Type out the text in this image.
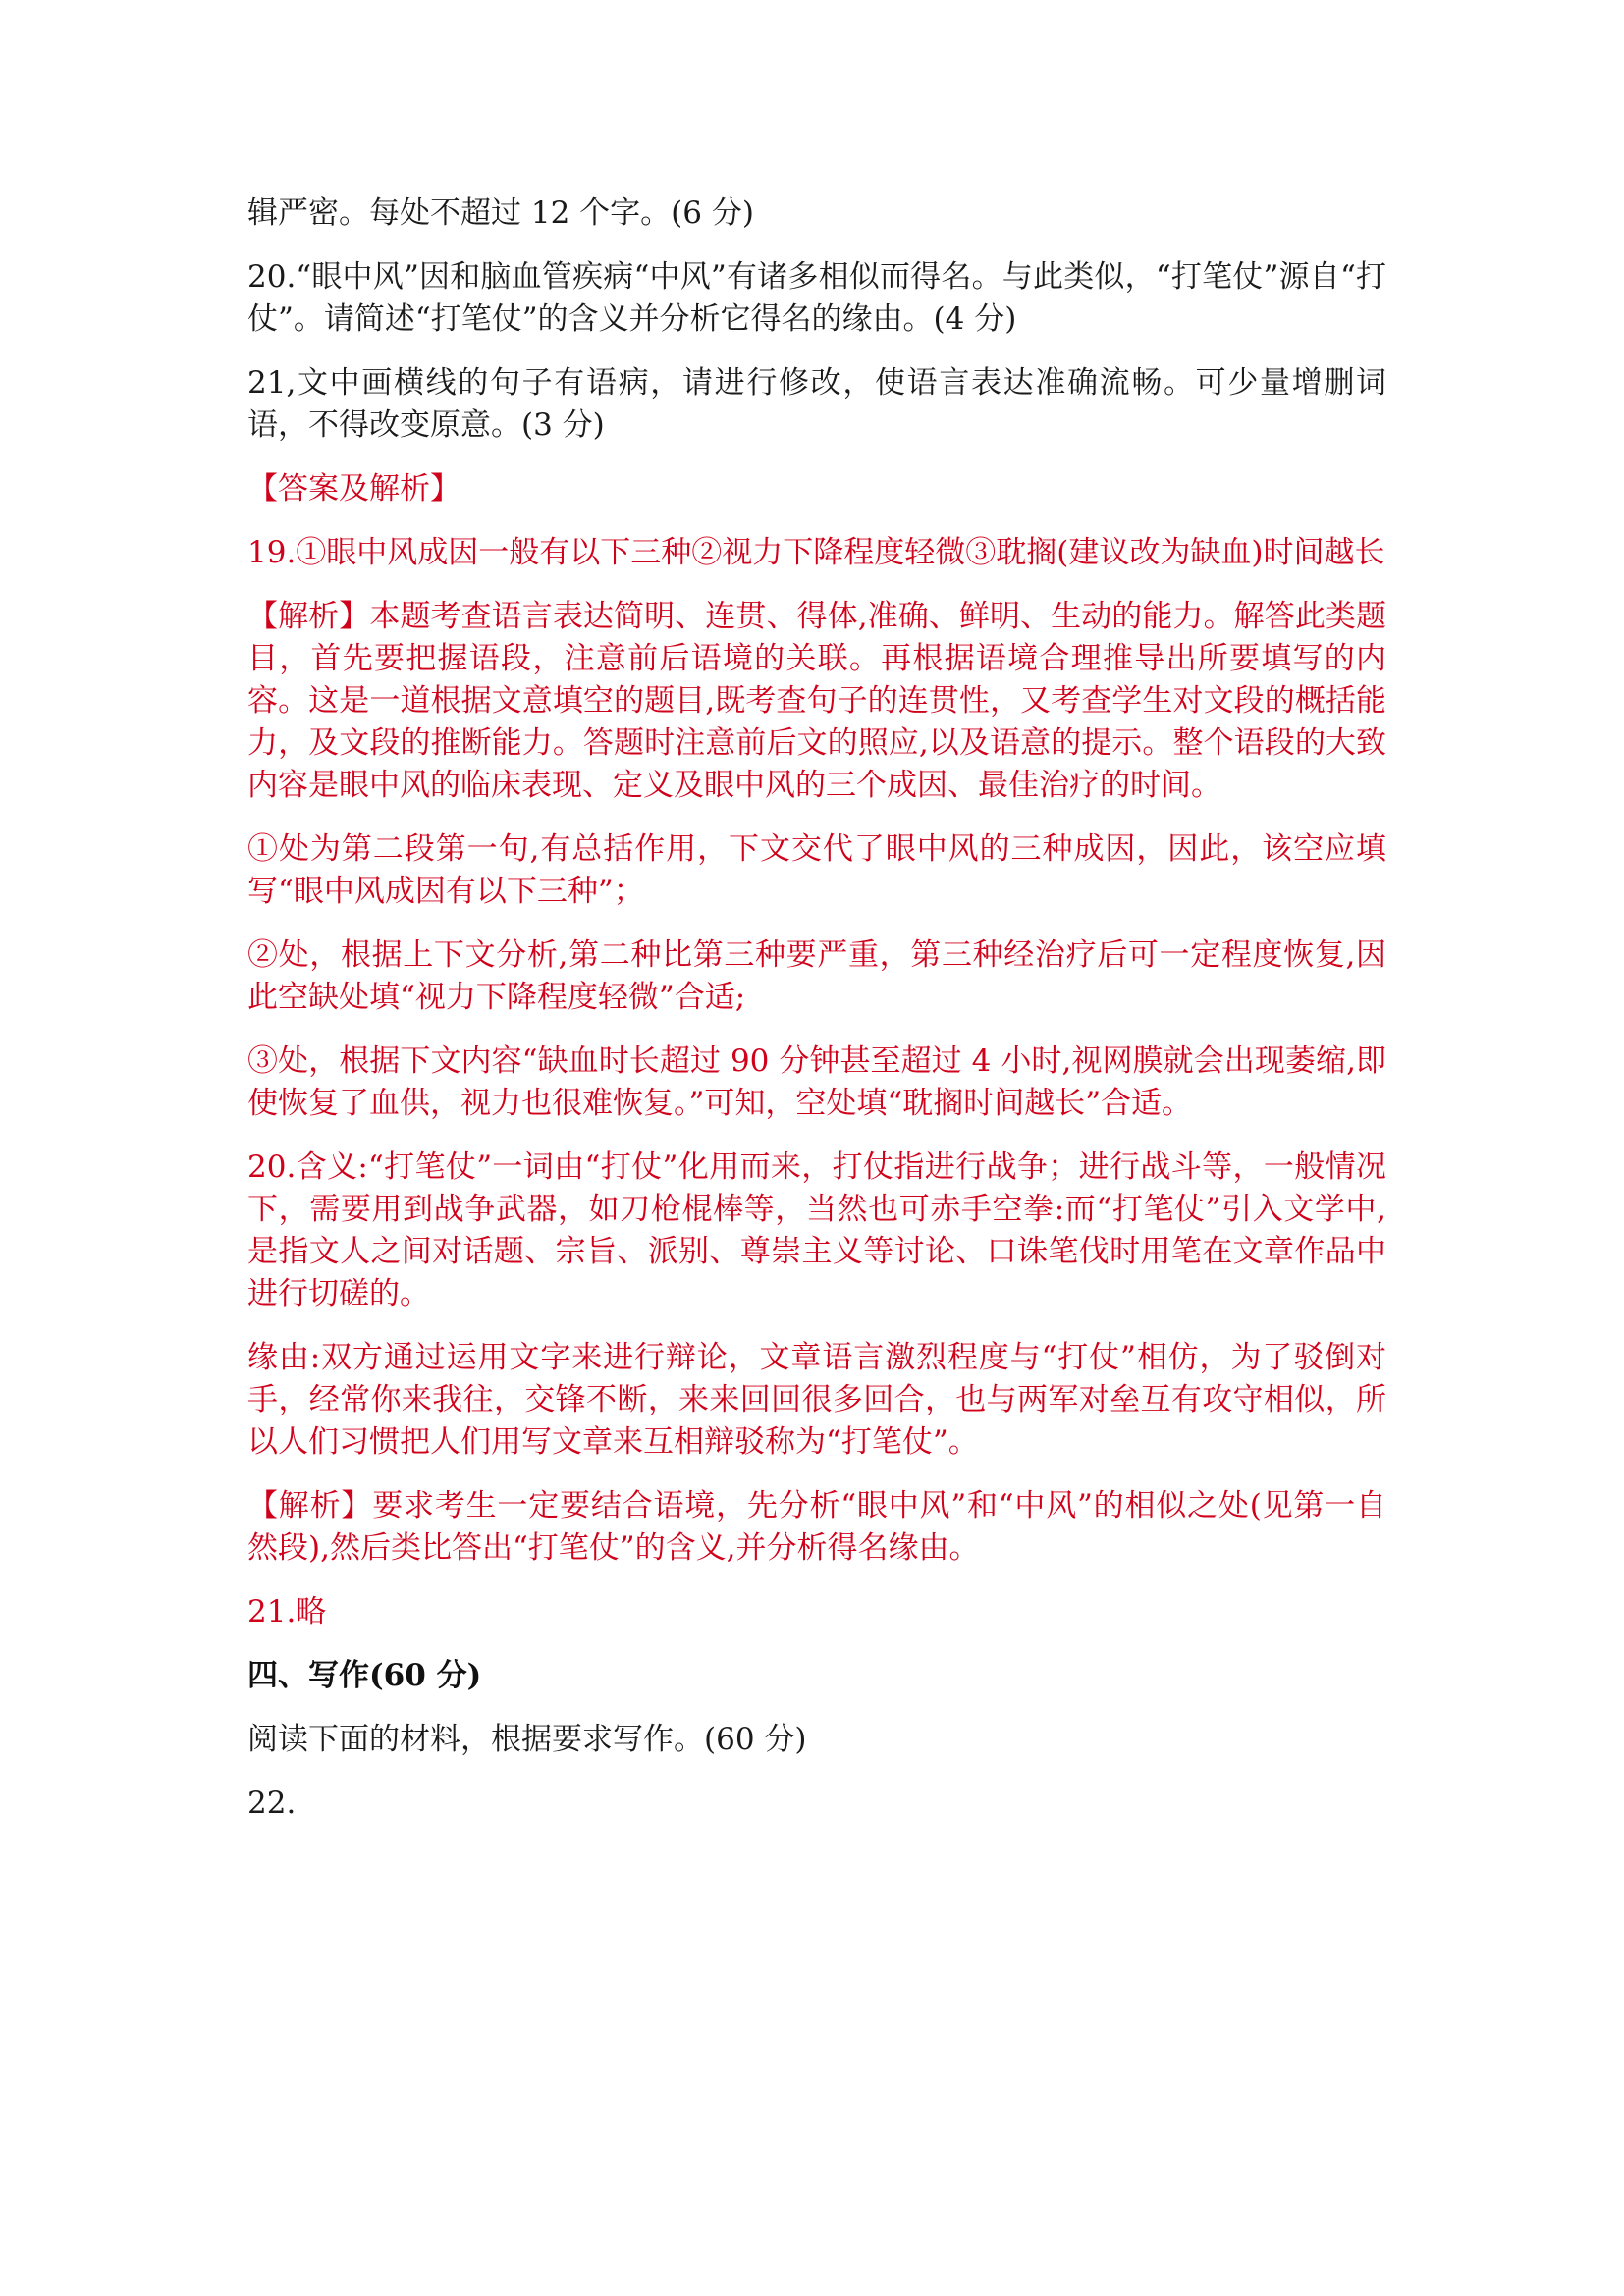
辑严密。每处不超过 12 个字。(6 分)

20.“眼中风”因和脑血管疾病“中风”有诸多相似而得名。与此类似，“打笔仗”源自“打仗”。请简述“打笔仗”的含义并分析它得名的缘由。(4 分)

21,文中画横线的句子有语病，请进行修改，使语言表达准确流畅。可少量增删词语，不得改变原意。(3 分)

【答案及解析】

19.①眼中风成因一般有以下三种②视力下降程度轻微③耽搁(建议改为缺血)时间越长

【解析】本题考查语言表达简明、连贯、得体,准确、鲜明、生动的能力。解答此类题目，首先要把握语段，注意前后语境的关联。再根据语境合理推导出所要填写的内容。这是一道根据文意填空的题目,既考查句子的连贯性，又考查学生对文段的概括能力，及文段的推断能力。答题时注意前后文的照应,以及语意的提示。整个语段的大致内容是眼中风的临床表现、定义及眼中风的三个成因、最佳治疗的时间。

①处为第二段第一句,有总括作用，下文交代了眼中风的三种成因，因此，该空应填写“眼中风成因有以下三种”；

②处，根据上下文分析,第二种比第三种要严重，第三种经治疗后可一定程度恢复,因此空缺处填“视力下降程度轻微”合适;

③处，根据下文内容“缺血时长超过 90 分钟甚至超过 4 小时,视网膜就会出现萎缩,即使恢复了血供，视力也很难恢复。”可知，空处填“耽搁时间越长”合适。

20.含义:“打笔仗”一词由“打仗”化用而来，打仗指进行战争；进行战斗等，一般情况下，需要用到战争武器，如刀枪棍棒等，当然也可赤手空拳:而“打笔仗”引入文学中,是指文人之间对话题、宗旨、派别、尊崇主义等讨论、口诛笔伐时用笔在文章作品中进行切磋的。

缘由:双方通过运用文字来进行辩论，文章语言激烈程度与“打仗”相仿，为了驳倒对手，经常你来我往，交锋不断，来来回回很多回合，也与两军对垒互有攻守相似，所以人们习惯把人们用写文章来互相辩驳称为“打笔仗”。

【解析】要求考生一定要结合语境，先分析“眼中风”和“中风”的相似之处(见第一自然段),然后类比答出“打笔仗”的含义,并分析得名缘由。

21.略

四、写作(60 分)

阅读下面的材料，根据要求写作。(60 分)

22.
